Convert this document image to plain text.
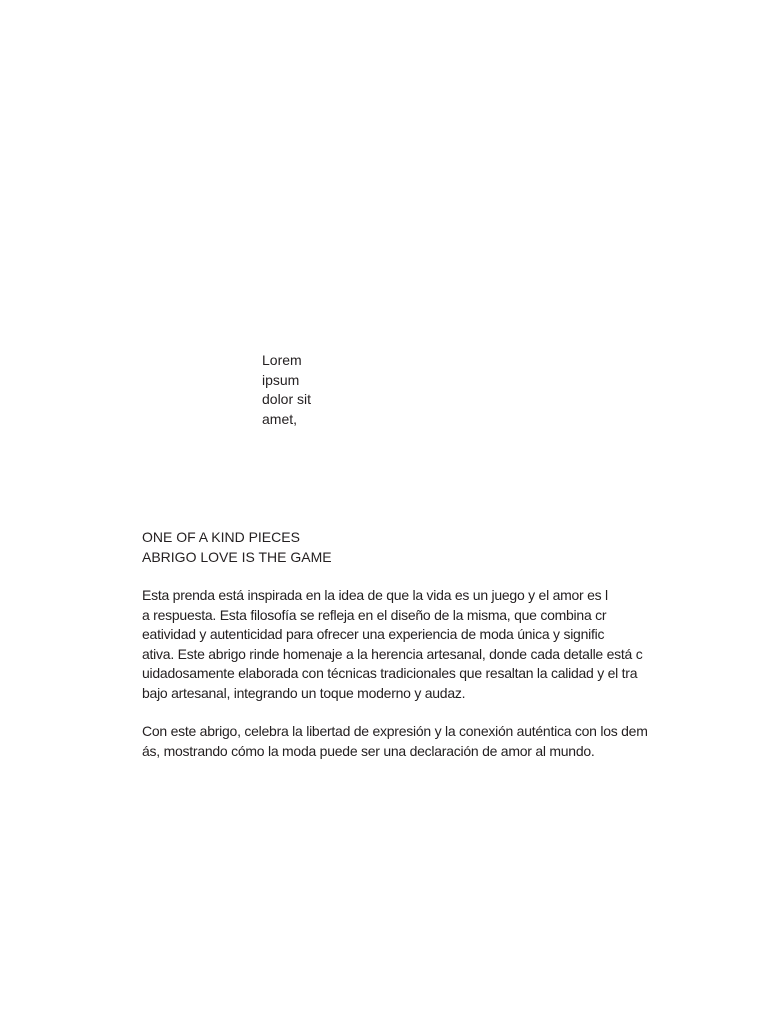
Lorem
ipsum
dolor sit
amet,
ONE OF A KIND PIECES
ABRIGO LOVE IS THE GAME
Esta prenda está inspirada en la idea de que la vida es un juego y el amor es l
a respuesta. Esta filosofía se refleja en el diseño de la misma, que combina cr
eatividad y autenticidad para ofrecer una experiencia de moda única y signific
ativa. Este abrigo rinde homenaje a la herencia artesanal, donde cada detalle está c
uidadosamente elaborada con técnicas tradicionales que resaltan la calidad y el tra
bajo artesanal, integrando un toque moderno y audaz.
Con este abrigo, celebra la libertad de expresión y la conexión auténtica con los dem
ás, mostrando cómo la moda puede ser una declaración de amor al mundo.
